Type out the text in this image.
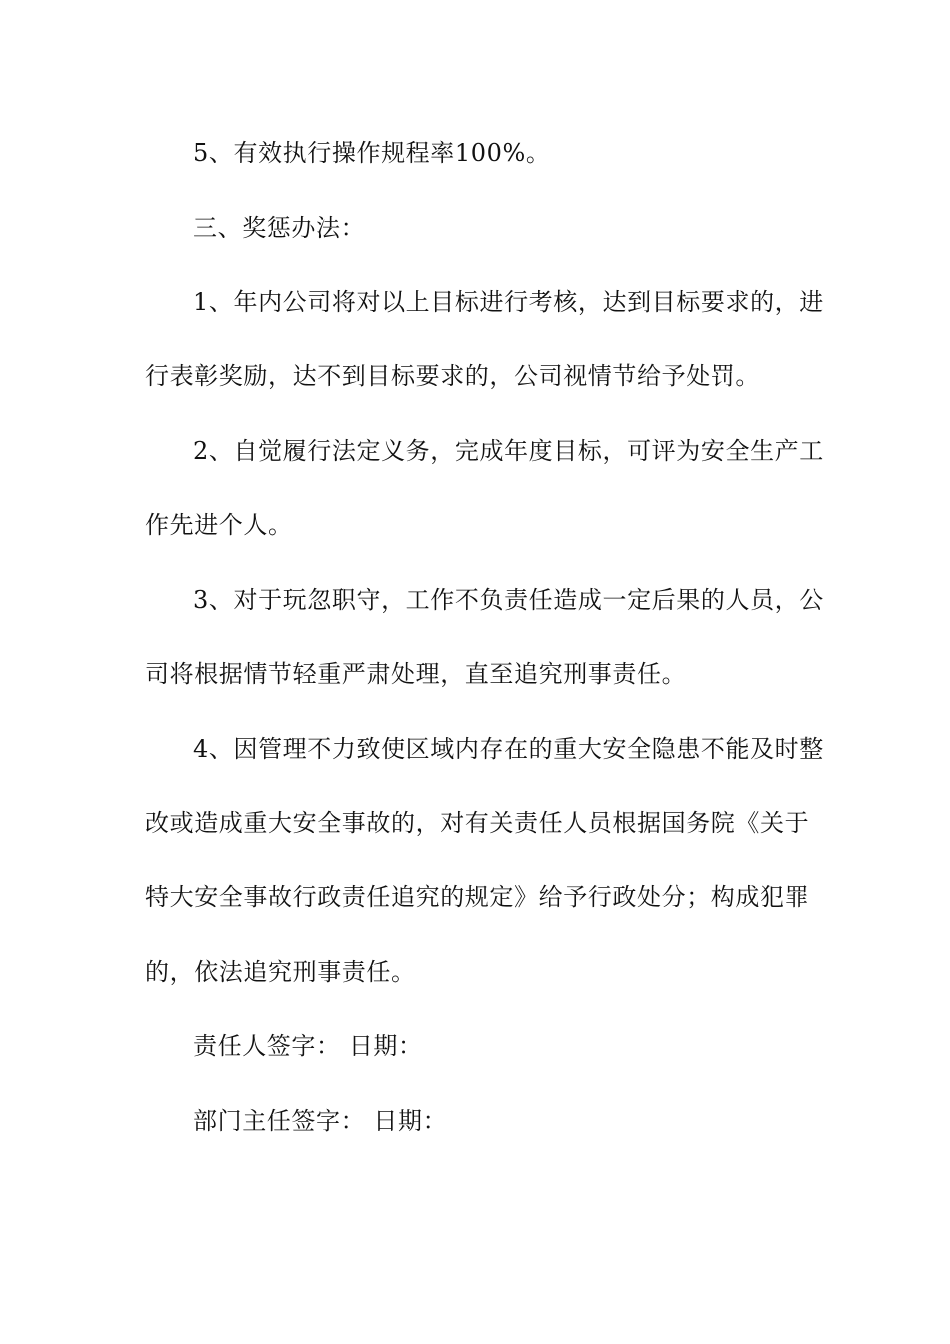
5、有效执行操作规程率100%。
三、奖惩办法：
1、年内公司将对以上目标进行考核，达到目标要求的，进
行表彰奖励，达不到目标要求的，公司视情节给予处罚。
2、自觉履行法定义务，完成年度目标，可评为安全生产工
作先进个人。
3、对于玩忽职守，工作不负责任造成一定后果的人员，公
司将根据情节轻重严肃处理，直至追究刑事责任。
4、因管理不力致使区域内存在的重大安全隐患不能及时整
改或造成重大安全事故的，对有关责任人员根据国务院《关于
特大安全事故行政责任追究的规定》给予行政处分；构成犯罪
的，依法追究刑事责任。
责任人签字： 日期：
部门主任签字： 日期：
